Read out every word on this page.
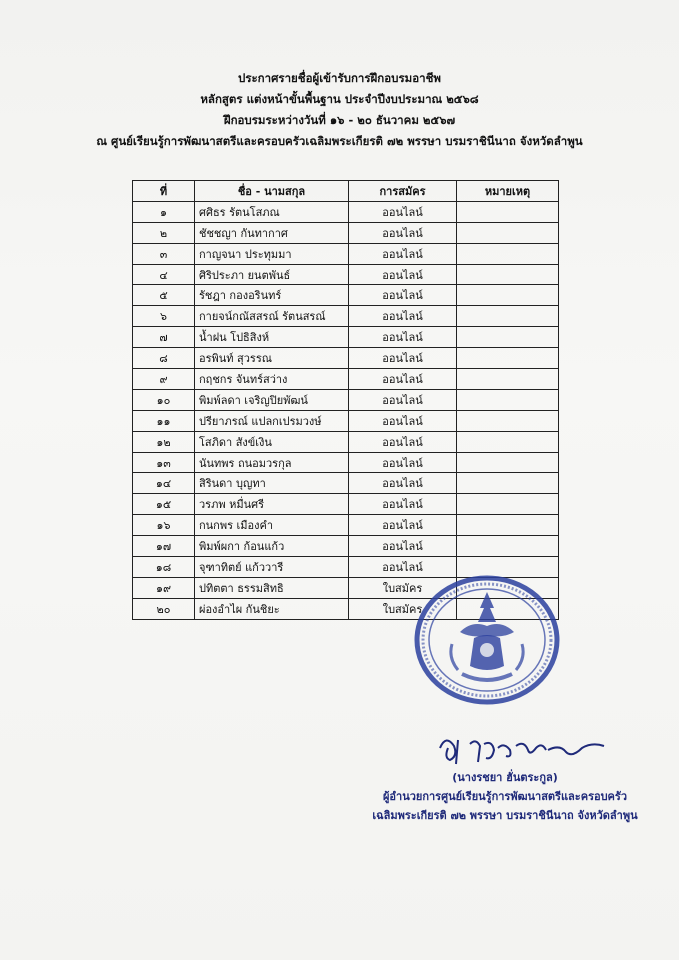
ประกาศรายชื่อผู้เข้ารับการฝึกอบรมอาชีพ
หลักสูตร แต่งหน้าขั้นพื้นฐาน ประจำปีงบประมาณ ๒๕๖๘
ฝึกอบรมระหว่างวันที่ ๑๖ - ๒๐ ธันวาคม ๒๕๖๗
ณ ศูนย์เรียนรู้การพัฒนาสตรีและครอบครัวเฉลิมพระเกียรติ ๗๒ พรรษา บรมราชินีนาถ จังหวัดลำพูน
ที่	ชื่อ - นามสกุล	การสมัคร	หมายเหตุ
๑	ศศิธร รัตนโสภณ	ออนไลน์	
๒	ชัชชญา กันทากาศ	ออนไลน์	
๓	กาญจนา ประทุมมา	ออนไลน์	
๔	ศิริประภา ยนตพันธ์	ออนไลน์	
๕	รัชฎา กองอรินทร์	ออนไลน์	
๖	กายจน์กณัสสรณ์ รัตนสรณ์	ออนไลน์	
๗	น้ำฝน โปธิสิงห์	ออนไลน์	
๘	อรพินท์ สุวรรณ	ออนไลน์	
๙	กฤชกร จันทร์สว่าง	ออนไลน์	
๑๐	พิมพ์ลดา เจริญปิยพัฒน์	ออนไลน์	
๑๑	ปรียาภรณ์ แปลกเปรมวงษ์	ออนไลน์	
๑๒	โสภิดา สังข์เงิน	ออนไลน์	
๑๓	นันทพร ถนอมวรกุล	ออนไลน์	
๑๔	สิรินดา บุญทา	ออนไลน์	
๑๕	วรภพ หมื่นศรี	ออนไลน์	
๑๖	กนกพร เมืองคำ	ออนไลน์	
๑๗	พิมพ์ผกา ก้อนแก้ว	ออนไลน์	
๑๘	จุฑาทิตย์ แก้ววารี	ออนไลน์	
๑๙	ปทิตตา ธรรมสิทธิ	ใบสมัคร	
๒๐	ผ่องอำไผ กันชิยะ	ใบสมัคร	
(นางรชยา ฮั่นตระกูล)
ผู้อำนวยการศูนย์เรียนรู้การพัฒนาสตรีและครอบครัว
เฉลิมพระเกียรติ ๗๒ พรรษา บรมราชินีนาถ จังหวัดลำพูน
